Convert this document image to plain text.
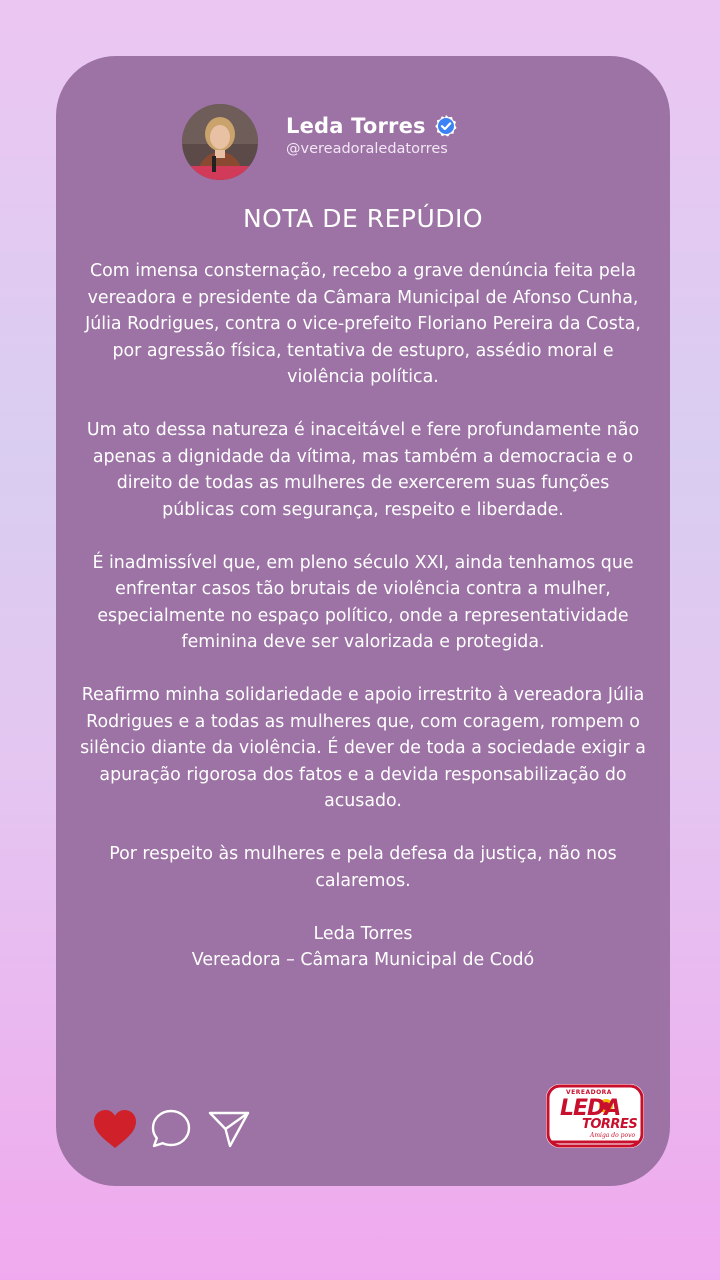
Leda Torres
@vereadoraledatorres
NOTA DE REPÚDIO

Com imensa consternação, recebo a grave denúncia feita pela vereadora e presidente da Câmara Municipal de Afonso Cunha, Júlia Rodrigues, contra o vice-prefeito Floriano Pereira da Costa, por agressão física, tentativa de estupro, assédio moral e violência política.

Um ato dessa natureza é inaceitável e fere profundamente não apenas a dignidade da vítima, mas também a democracia e o direito de todas as mulheres de exercerem suas funções públicas com segurança, respeito e liberdade.

É inadmissível que, em pleno século XXI, ainda tenhamos que enfrentar casos tão brutais de violência contra a mulher, especialmente no espaço político, onde a representatividade feminina deve ser valorizada e protegida.

Reafirmo minha solidariedade e apoio irrestrito à vereadora Júlia Rodrigues e a todas as mulheres que, com coragem, rompem o silêncio diante da violência. É dever de toda a sociedade exigir a apuração rigorosa dos fatos e a devida responsabilização do acusado.

Por respeito às mulheres e pela defesa da justiça, não nos calaremos.

Leda Torres
Vereadora – Câmara Municipal de Codó

VEREADORA
LEDA
TORRES
Amiga do povo
